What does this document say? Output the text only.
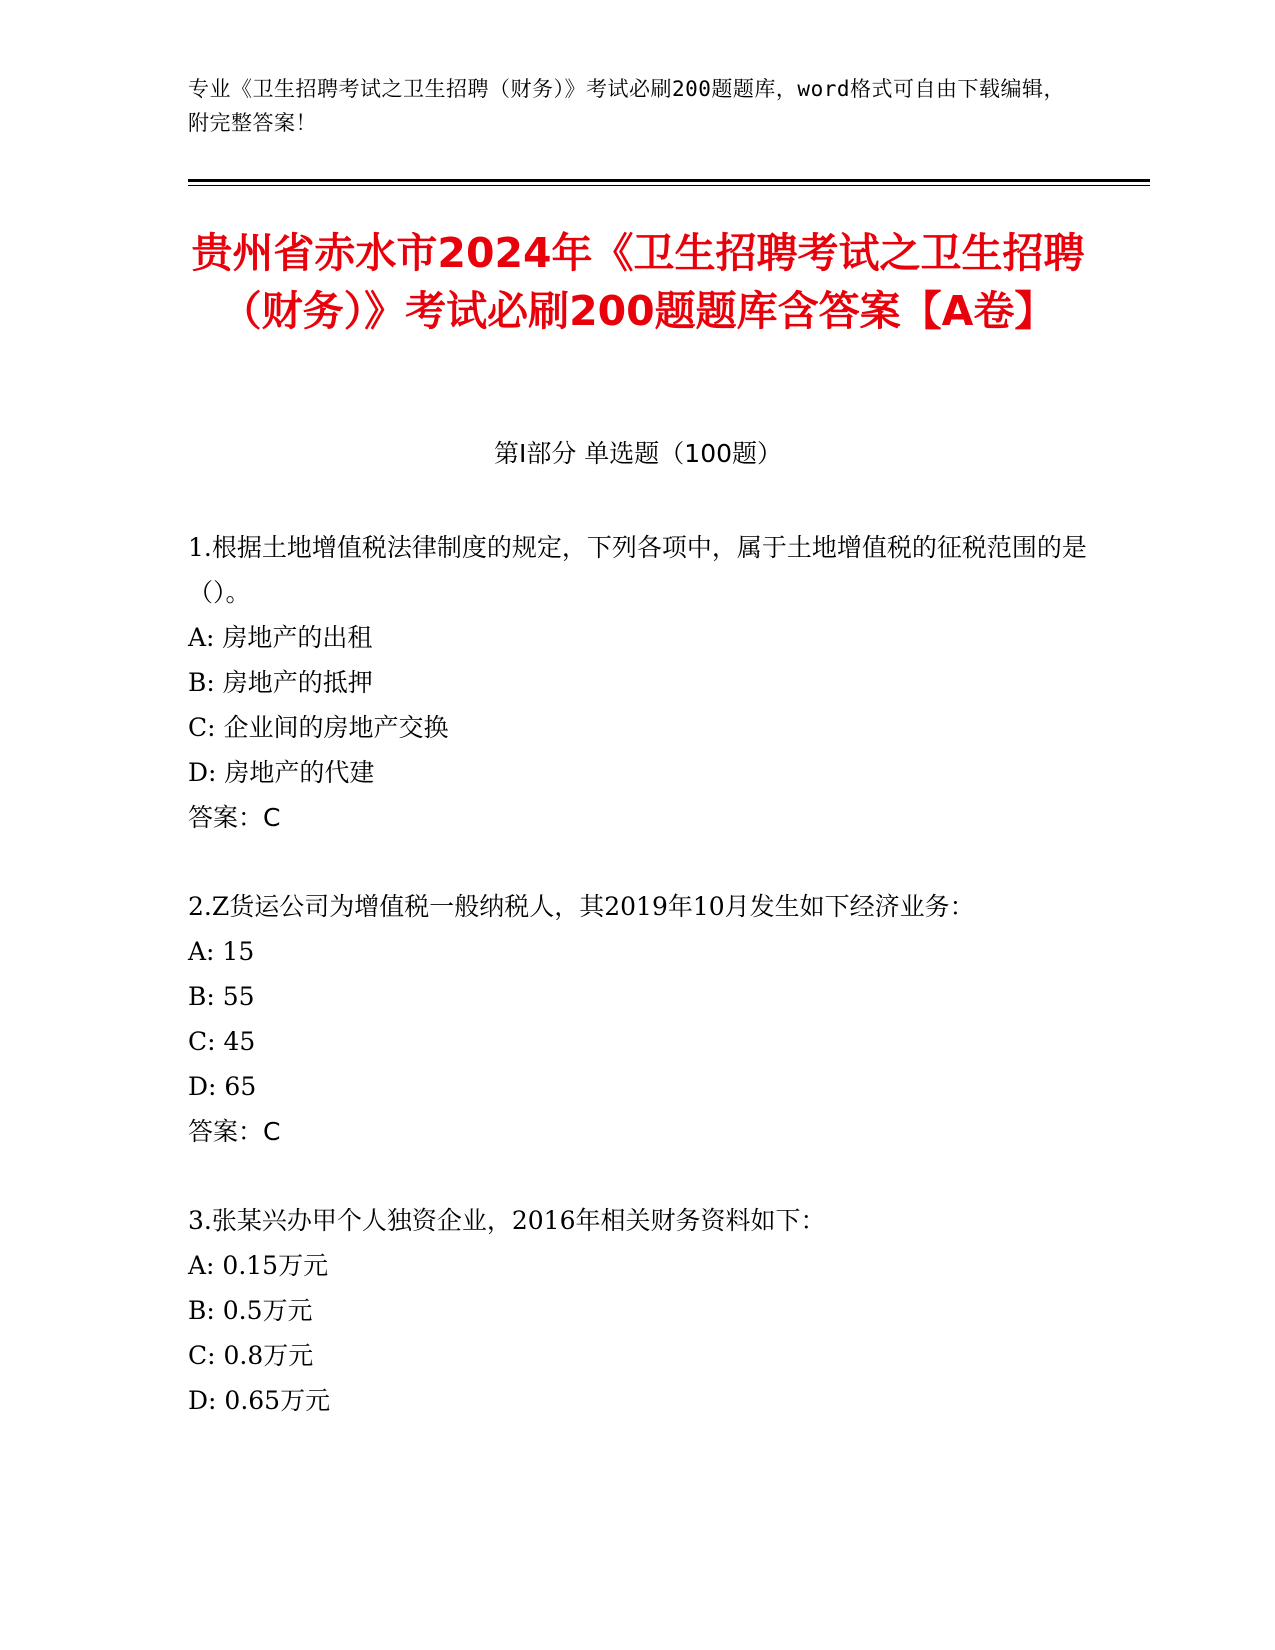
专业《卫生招聘考试之卫生招聘（财务）》考试必刷200题题库，word格式可自由下载编辑，附完整答案！
贵州省赤水市2024年《卫生招聘考试之卫生招聘（财务）》考试必刷200题题库含答案【A卷】
第I部分 单选题（100题）

1.根据土地增值税法律制度的规定，下列各项中，属于土地增值税的征税范围的是（）。

A: 房地产的出租

B: 房地产的抵押

C: 企业间的房地产交换

D: 房地产的代建

答案：C

2.Z货运公司为增值税一般纳税人，其2019年10月发生如下经济业务：

A: 15

B: 55

C: 45

D: 65

答案：C

3.张某兴办甲个人独资企业，2016年相关财务资料如下：

A: 0.15万元

B: 0.5万元

C: 0.8万元

D: 0.65万元
